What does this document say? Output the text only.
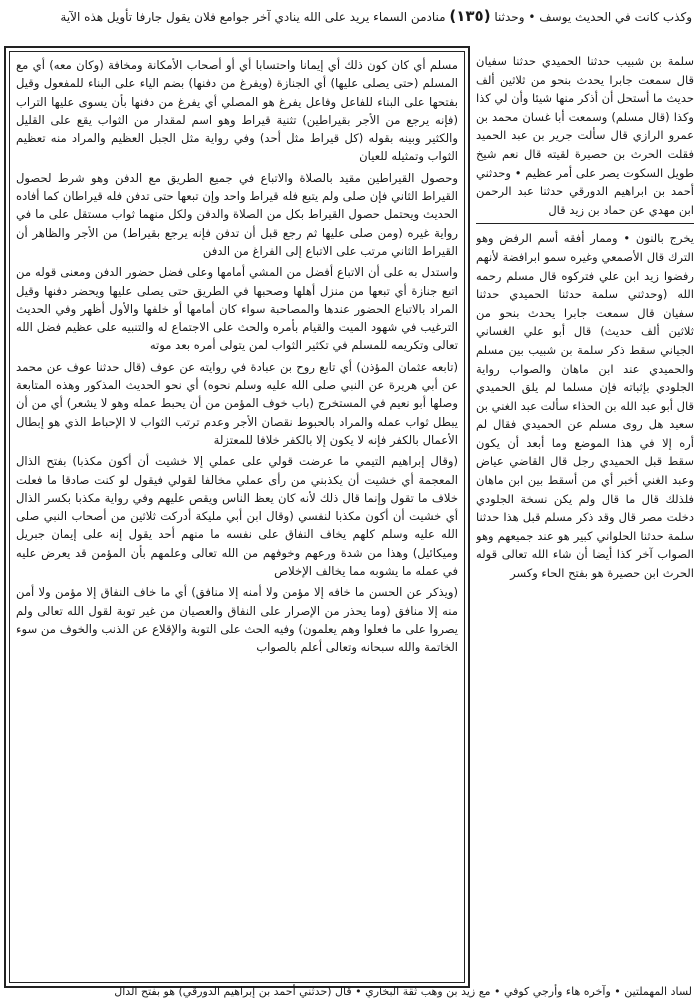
وكذب كانت في الحديث يوسف • وحدثنا (١٣٥) منادمن السماء يريد على الله ينادي آخر جوامع فلان يقول جارفا تأويل هذه الآية
سلمة بن شبيب حدثنا الحميدي حدثنا سفيان قال سمعت جابرا يحدث بنحو من ثلاثين ألف حديث ما أستحل أن أذكر منها شيئا وأن لي كذا وكذا (قال مسلم) وسمعت أبا غسان محمد بن عمرو الرازي قال سألت جرير بن عبد الحميد فقلت الحرث بن حصيرة لقيته قال نعم شيخ طويل السكوت يصر على أمر عظيم • وحدثني أحمد بن ابراهيم الدورقي حدثنا عبد الرحمن ابن مهدي عن حماد بن زيد قال
يخرج بالنون • وممار أفقه أسم الرفض وهو الترك قال الأصمعي وغيره سمو ابرافضة لأنهم رفضوا زيد ابن علي فتركوه قال مسلم رحمه الله (وحدثني سلمة حدثنا الحميدي حدثنا سفيان قال سمعت جابرا يحدث بنحو من ثلاثين ألف حديث) قال أبو علي الغساني الجياني سقط ذكر سلمة بن شبيب بين مسلم والحميدي عند ابن ماهان والصواب رواية الجلودي بإثباته فإن مسلما لم يلق الحميدي قال أبو عبد الله بن الحذاء سألت عبد الغني بن سعيد هل روى مسلم عن الحميدي فقال لم أره إلا في هذا الموضع وما أبعد أن يكون سقط قبل الحميدي رجل قال القاضي عياض وعبد الغني أخبر أي من أسقط بين ابن ماهان فلذلك قال ما قال ولم يكن نسخة الجلودي دخلت مصر قال وقد ذكر مسلم قبل هذا حدثنا سلمة حدثنا الحلواني كبير هو عند جميعهم وهو الصواب آخر كذا أيضا أن شاء الله تعالى قوله الحرث ابن حصيرة هو بفتح الحاء وكسر

مسلم أي كان كون ذلك أي إيمانا واحتسابا أي أو أصحاب الأمكانة ومخافة (وكان معه) أي مع المسلم (حتى يصلى عليها) أي الجنازة (ويفرغ من دفنها) بضم الياء على البناء للمفعول وقيل بفتحها على البناء للفاعل وفاعل يفرغ هو المصلي أي يفرغ من دفنها بأن يسوى عليها التراب (فإنه يرجع من الأجر بقيراطين) تثنية قيراط وهو اسم لمقدار من الثواب يقع على القليل والكثير وبينه بقوله (كل قيراط مثل أحد) وفي رواية مثل الجبل العظيم والمراد منه تعظيم الثواب وتمثيله للعيان

وحصول القيراطين مقيد بالصلاة والاتباع في جميع الطريق مع الدفن وهو شرط لحصول القيراط الثاني فإن صلى ولم يتبع فله قيراط واحد وإن تبعها حتى تدفن فله قيراطان كما أفاده الحديث ويحتمل حصول القيراط بكل من الصلاة والدفن ولكل منهما ثواب مستقل على ما في رواية غيره (ومن صلى عليها ثم رجع قبل أن تدفن فإنه يرجع بقيراط) من الأجر والظاهر أن القيراط الثاني مرتب على الاتباع إلى الفراغ من الدفن

واستدل به على أن الاتباع أفضل من المشي أمامها وعلى فضل حضور الدفن ومعنى قوله من اتبع جنازة أي تبعها من منزل أهلها وصحبها في الطريق حتى يصلى عليها ويحضر دفنها وقيل المراد بالاتباع الحضور عندها والمصاحبة سواء كان أمامها أو خلفها والأول أظهر وفي الحديث الترغيب في شهود الميت والقيام بأمره والحث على الاجتماع له والتنبيه على عظيم فضل الله تعالى وتكريمه للمسلم في تكثير الثواب لمن يتولى أمره بعد موته

(تابعه عثمان المؤذن) أي تابع روح بن عبادة في روايته عن عوف (قال حدثنا عوف عن محمد عن أبي هريرة عن النبي صلى الله عليه وسلم نحوه) أي نحو الحديث المذكور وهذه المتابعة وصلها أبو نعيم في المستخرج (باب خوف المؤمن من أن يحبط عمله وهو لا يشعر) أي من أن يبطل ثواب عمله والمراد بالحبوط نقصان الأجر وعدم ترتب الثواب لا الإحباط الذي هو إبطال الأعمال بالكفر فإنه لا يكون إلا بالكفر خلافا للمعتزلة

(وقال إبراهيم التيمي ما عرضت قولي على عملي إلا خشيت أن أكون مكذبا) بفتح الذال المعجمة أي خشيت أن يكذبني من رأى عملي مخالفا لقولي فيقول لو كنت صادقا ما فعلت خلاف ما تقول وإنما قال ذلك لأنه كان يعظ الناس ويقص عليهم وفي رواية مكذبا بكسر الذال أي خشيت أن أكون مكذبا لنفسي (وقال ابن أبي مليكة أدركت ثلاثين من أصحاب النبي صلى الله عليه وسلم كلهم يخاف النفاق على نفسه ما منهم أحد يقول إنه على إيمان جبريل وميكائيل) وهذا من شدة ورعهم وخوفهم من الله تعالى وعلمهم بأن المؤمن قد يعرض عليه في عمله ما يشوبه مما يخالف الإخلاص

(ويذكر عن الحسن ما خافه إلا مؤمن ولا أمنه إلا منافق) أي ما خاف النفاق إلا مؤمن ولا أمن منه إلا منافق (وما يحذر من الإصرار على النفاق والعصيان من غير توبة لقول الله تعالى ولم يصروا على ما فعلوا وهم يعلمون) وفيه الحث على التوبة والإقلاع عن الذنب والخوف من سوء الخاتمة والله سبحانه وتعالى أعلم بالصواب

لساد المهملتين • وآخره هاء وأرجي كوفي • مع زيد بن وهب ثقة البخاري • قال (حدثني أحمد بن إبراهيم الدورقي) هو بفتح الدال
